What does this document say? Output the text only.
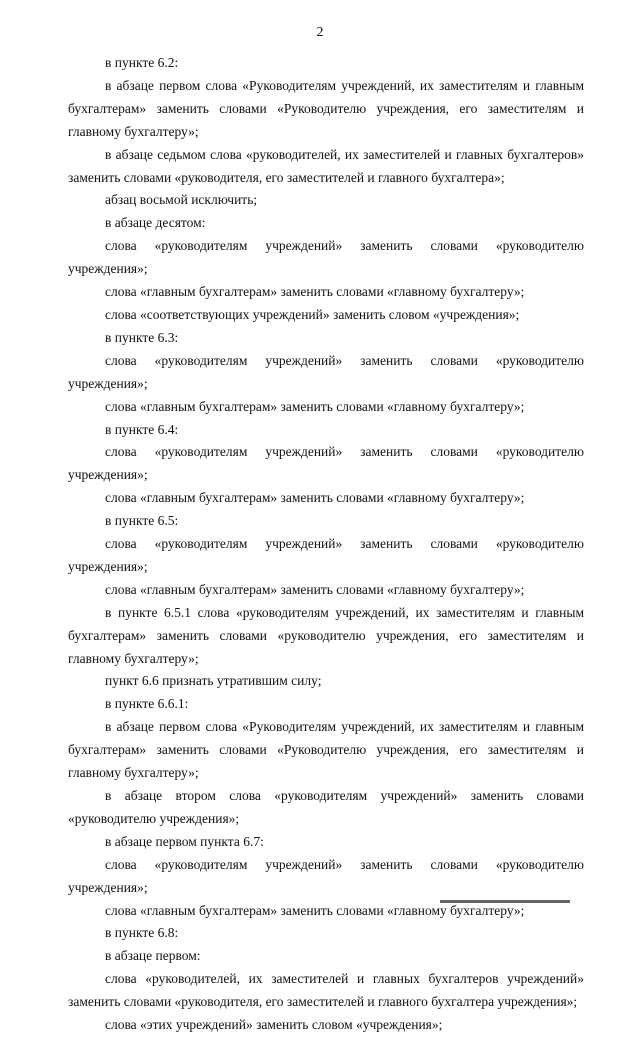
2

в пункте 6.2:

в абзаце первом слова «Руководителям учреждений, их заместителям и главным бухгалтерам» заменить словами «Руководителю учреждения, его заместителям и главному бухгалтеру»;

в абзаце седьмом слова «руководителей, их заместителей и главных бухгалтеров» заменить словами «руководителя, его заместителей и главного бухгалтера»;

абзац восьмой исключить;

в абзаце десятом:

слова «руководителям учреждений» заменить словами «руководителю учреждения»;

слова «главным бухгалтерам» заменить словами «главному бухгалтеру»;

слова «соответствующих учреждений» заменить словом «учреждения»;

в пункте 6.3:

слова «руководителям учреждений» заменить словами «руководителю учреждения»;

слова «главным бухгалтерам» заменить словами «главному бухгалтеру»;

в пункте 6.4:

слова «руководителям учреждений» заменить словами «руководителю учреждения»;

слова «главным бухгалтерам» заменить словами «главному бухгалтеру»;

в пункте 6.5:

слова «руководителям учреждений» заменить словами «руководителю учреждения»;

слова «главным бухгалтерам» заменить словами «главному бухгалтеру»;

в пункте 6.5.1 слова «руководителям учреждений, их заместителям и главным бухгалтерам» заменить словами «руководителю учреждения, его заместителям и главному бухгалтеру»;

пункт 6.6 признать утратившим силу;

в пункте 6.6.1:

в абзаце первом слова «Руководителям учреждений, их заместителям и главным бухгалтерам» заменить словами «Руководителю учреждения, его заместителям и главному бухгалтеру»;

в абзаце втором слова «руководителям учреждений» заменить словами «руководителю учреждения»;

в абзаце первом пункта 6.7:

слова «руководителям учреждений» заменить словами «руководителю учреждения»;

слова «главным бухгалтерам» заменить словами «главному бухгалтеру»;

в пункте 6.8:

в абзаце первом:

слова «руководителей, их заместителей и главных бухгалтеров учреждений» заменить словами «руководителя, его заместителей и главного бухгалтера учреждения»;

слова «этих учреждений» заменить словом «учреждения»;
